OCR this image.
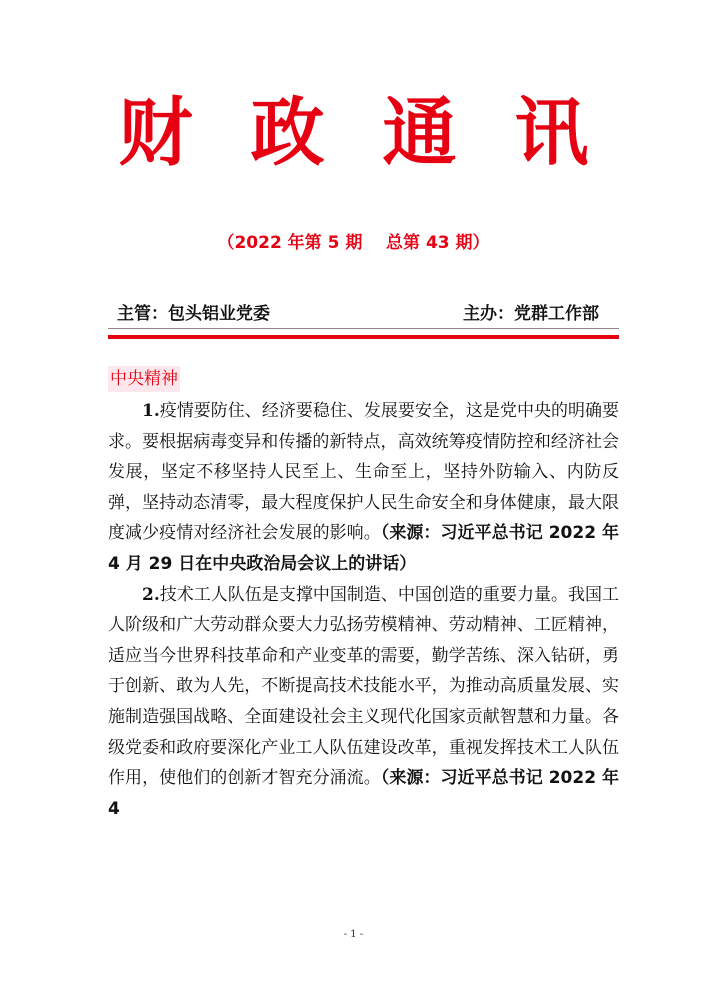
财政通讯
（2022 年第 5 期    总第 43 期）
主管：包头铝业党委	主办：党群工作部
中央精神

1.疫情要防住、经济要稳住、发展要安全，这是党中央的明确要求。要根据病毒变异和传播的新特点，高效统筹疫情防控和经济社会发展，坚定不移坚持人民至上、生命至上，坚持外防输入、内防反弹，坚持动态清零，最大程度保护人民生命安全和身体健康，最大限度减少疫情对经济社会发展的影响。（来源：习近平总书记 2022 年 4 月 29 日在中央政治局会议上的讲话）

2.技术工人队伍是支撑中国制造、中国创造的重要力量。我国工人阶级和广大劳动群众要大力弘扬劳模精神、劳动精神、工匠精神，适应当今世界科技革命和产业变革的需要，勤学苦练、深入钻研，勇于创新、敢为人先，不断提高技术技能水平，为推动高质量发展、实施制造强国战略、全面建设社会主义现代化国家贡献智慧和力量。各级党委和政府要深化产业工人队伍建设改革，重视发挥技术工人队伍作用，使他们的创新才智充分涌流。（来源：习近平总书记 2022 年 4

- 1 -
